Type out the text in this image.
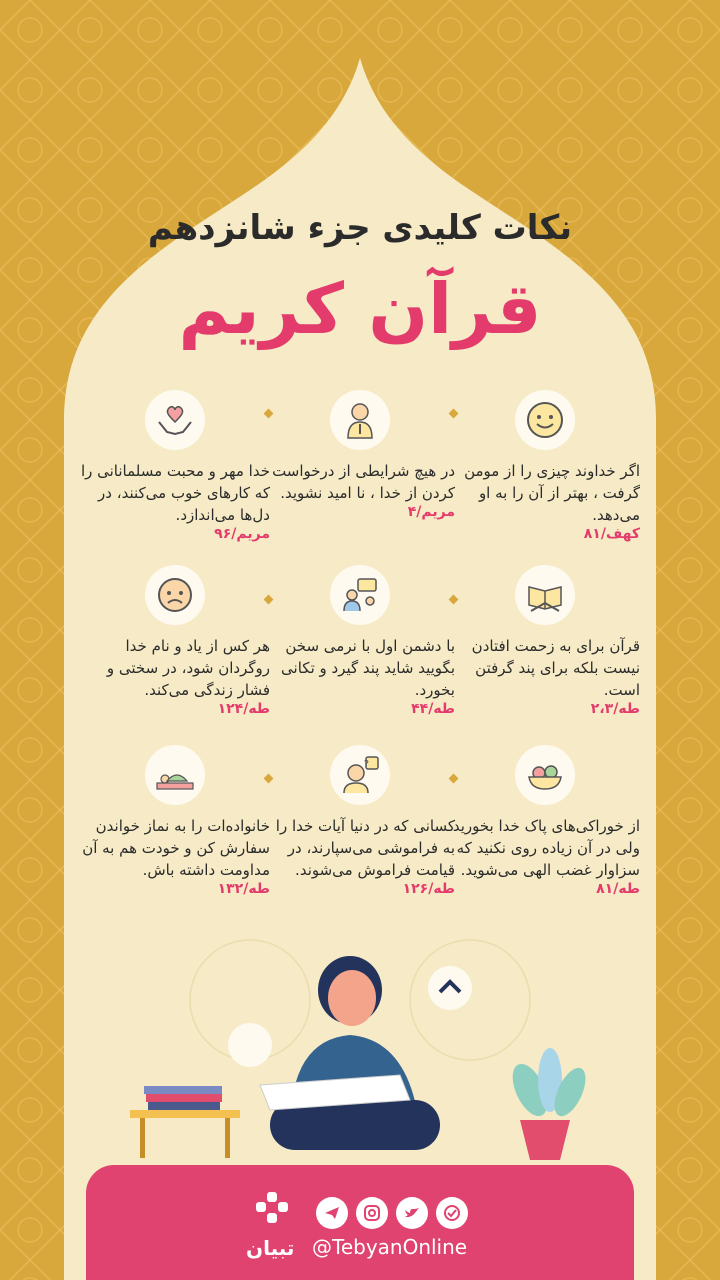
نکات کلیدی جزء شانزدهم
قرآن کریم
اگر خداوند چیزی را از مومن گرفت ، بهتر از آن را به او می‌دهد.
کهف/۸۱
در هیچ شرایطی از درخواست کردن از خدا ، نا امید نشوید.
مریم/۴
خدا مهر و محبت مسلمانانی را که کارهای خوب می‌کنند، در دل‌ها می‌اندازد.
مریم/۹۶
قرآن برای به زحمت افتادن نیست بلکه برای پند گرفتن است.
طه/۲،۳
با دشمن اول با نرمی سخن بگویید شاید پند گیرد و تکانی بخورد.
طه/۴۴
هر کس از یاد و نام خدا روگردان شود، در سختی و فشار زندگی می‌کند.
طه/۱۲۴
از خوراکی‌های پاک خدا بخورید ولی در آن زیاده روی نکنید که سزاوار غضب الهی می‌شوید.
طه/۸۱
?
کسانی که در دنیا آیات خدا را به فراموشی می‌سپارند، در قیامت فراموش می‌شوند.
طه/۱۲۶
خانواده‌ات را به نماز خواندن سفارش کن و خودت هم به آن مداومت داشته باش.
طه/۱۳۲
تبیان @TebyanOnline
